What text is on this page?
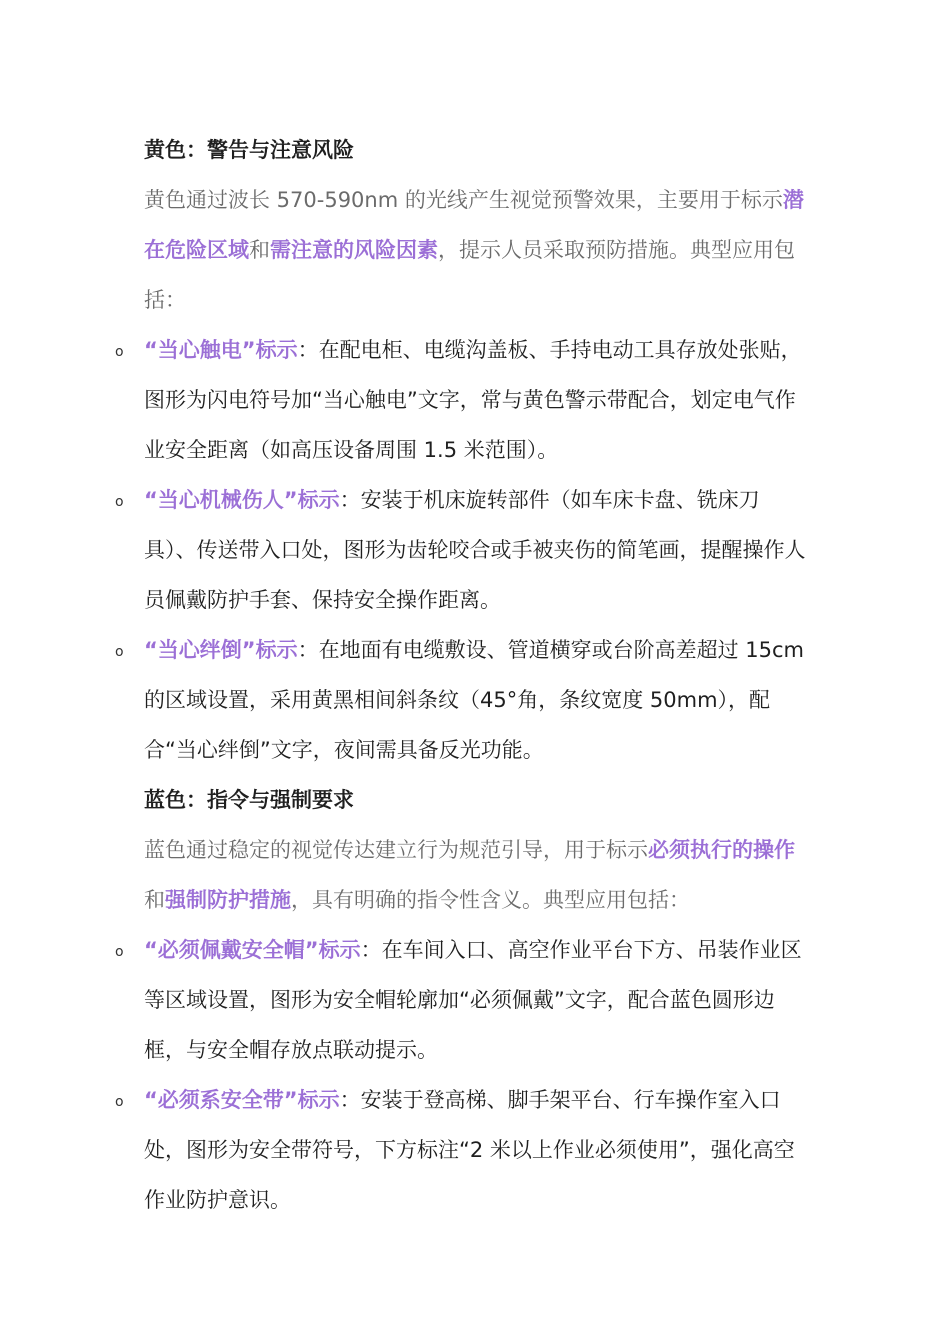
黄色：警告与注意风险

黄色通过波长 570-590nm 的光线产生视觉预警效果，主要用于标示潜在危险区域和需注意的风险因素，提示人员采取预防措施。典型应用包括：

o “当心触电”标示：在配电柜、电缆沟盖板、手持电动工具存放处张贴，图形为闪电符号加“当心触电”文字，常与黄色警示带配合，划定电气作业安全距离（如高压设备周围 1.5 米范围）。

o “当心机械伤人”标示：安装于机床旋转部件（如车床卡盘、铣床刀具）、传送带入口处，图形为齿轮咬合或手被夹伤的简笔画，提醒操作人员佩戴防护手套、保持安全操作距离。

o “当心绊倒”标示：在地面有电缆敷设、管道横穿或台阶高差超过 15cm 的区域设置，采用黄黑相间斜条纹（45°角，条纹宽度 50mm），配合“当心绊倒”文字，夜间需具备反光功能。

蓝色：指令与强制要求

蓝色通过稳定的视觉传达建立行为规范引导，用于标示必须执行的操作和强制防护措施，具有明确的指令性含义。典型应用包括：

o “必须佩戴安全帽”标示：在车间入口、高空作业平台下方、吊装作业区等区域设置，图形为安全帽轮廓加“必须佩戴”文字，配合蓝色圆形边框，与安全帽存放点联动提示。

o “必须系安全带”标示：安装于登高梯、脚手架平台、行车操作室入口处，图形为安全带符号，下方标注“2 米以上作业必须使用”，强化高空作业防护意识。
